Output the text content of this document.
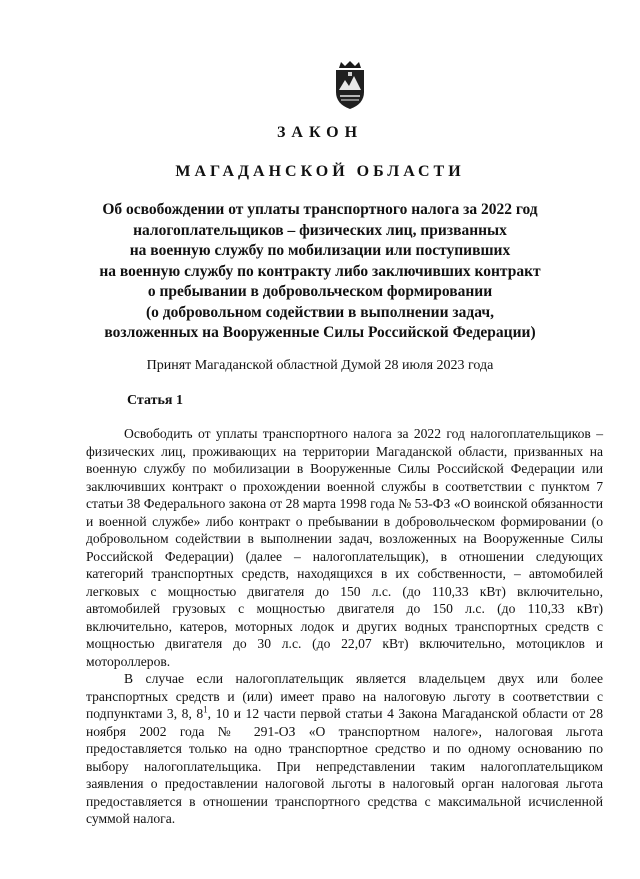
ЗАКОН
МАГАДАНСКОЙ ОБЛАСТИ
Об освобождении от уплаты транспортного налога за 2022 год
налогоплательщиков – физических лиц, призванных
на военную службу по мобилизации или поступивших
на военную службу по контракту либо заключивших контракт
о пребывании в добровольческом формировании
(о добровольном содействии в выполнении задач,
возложенных на Вооруженные Силы Российской Федерации)
Принят Магаданской областной Думой 28 июля 2023 года
Статья 1

Освободить от уплаты транспортного налога за 2022 год налогоплательщиков – физических лиц, проживающих на территории Магаданской области, призванных на военную службу по мобилизации в Вооруженные Силы Российской Федерации или заключивших контракт о прохождении военной службы в соответствии с пунктом 7 статьи 38 Федерального закона от 28 марта 1998 года № 53-ФЗ «О воинской обязанности и военной службе» либо контракт о пребывании в добровольческом формировании (о добровольном содействии в выполнении задач, возложенных на Вооруженные Силы Российской Федерации) (далее – налогоплательщик), в отношении следующих категорий транспортных средств, находящихся в их собственности, – автомобилей легковых с мощностью двигателя до 150 л.с. (до 110,33 кВт) включительно, автомобилей грузовых с мощностью двигателя до 150 л.с. (до 110,33 кВт) включительно, катеров, моторных лодок и других водных транспортных средств с мощностью двигателя до 30 л.с. (до 22,07 кВт) включительно, мотоциклов и мотороллеров.

В случае если налогоплательщик является владельцем двух или более транспортных средств и (или) имеет право на налоговую льготу в соответствии с подпунктами 3, 8, $8^1$, 10 и 12 части первой статьи 4 Закона Магаданской области от 28 ноября 2002 года № 291-ОЗ «О транспортном налоге», налоговая льгота предоставляется только на одно транспортное средство и по одному основанию по выбору налогоплательщика. При непредставлении таким налогоплательщиком заявления о предоставлении налоговой льготы в налоговый орган налоговая льгота предоставляется в отношении транспортного средства с максимальной исчисленной суммой налога.
